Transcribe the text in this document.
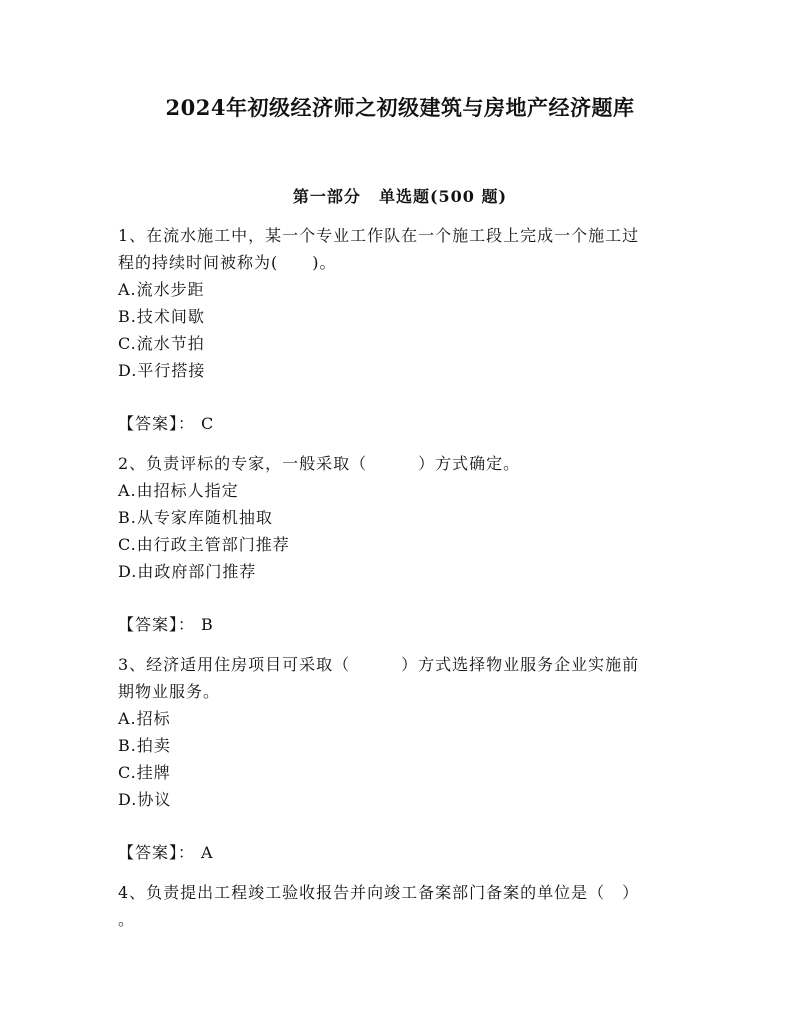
2024年初级经济师之初级建筑与房地产经济题库
第一部分 单选题(500 题)
1、在流水施工中，某一个专业工作队在一个施工段上完成一个施工过
程的持续时间被称为(　　)。
A.流水步距
B.技术间歇
C.流水节拍
D.平行搭接
【答案】： C
2、负责评标的专家，一般采取（　　　）方式确定。
A.由招标人指定
B.从专家库随机抽取
C.由行政主管部门推荐
D.由政府部门推荐
【答案】： B
3、经济适用住房项目可采取（　　　）方式选择物业服务企业实施前
期物业服务。
A.招标
B.拍卖
C.挂牌
D.协议
【答案】： A
4、负责提出工程竣工验收报告并向竣工备案部门备案的单位是（　）
。
